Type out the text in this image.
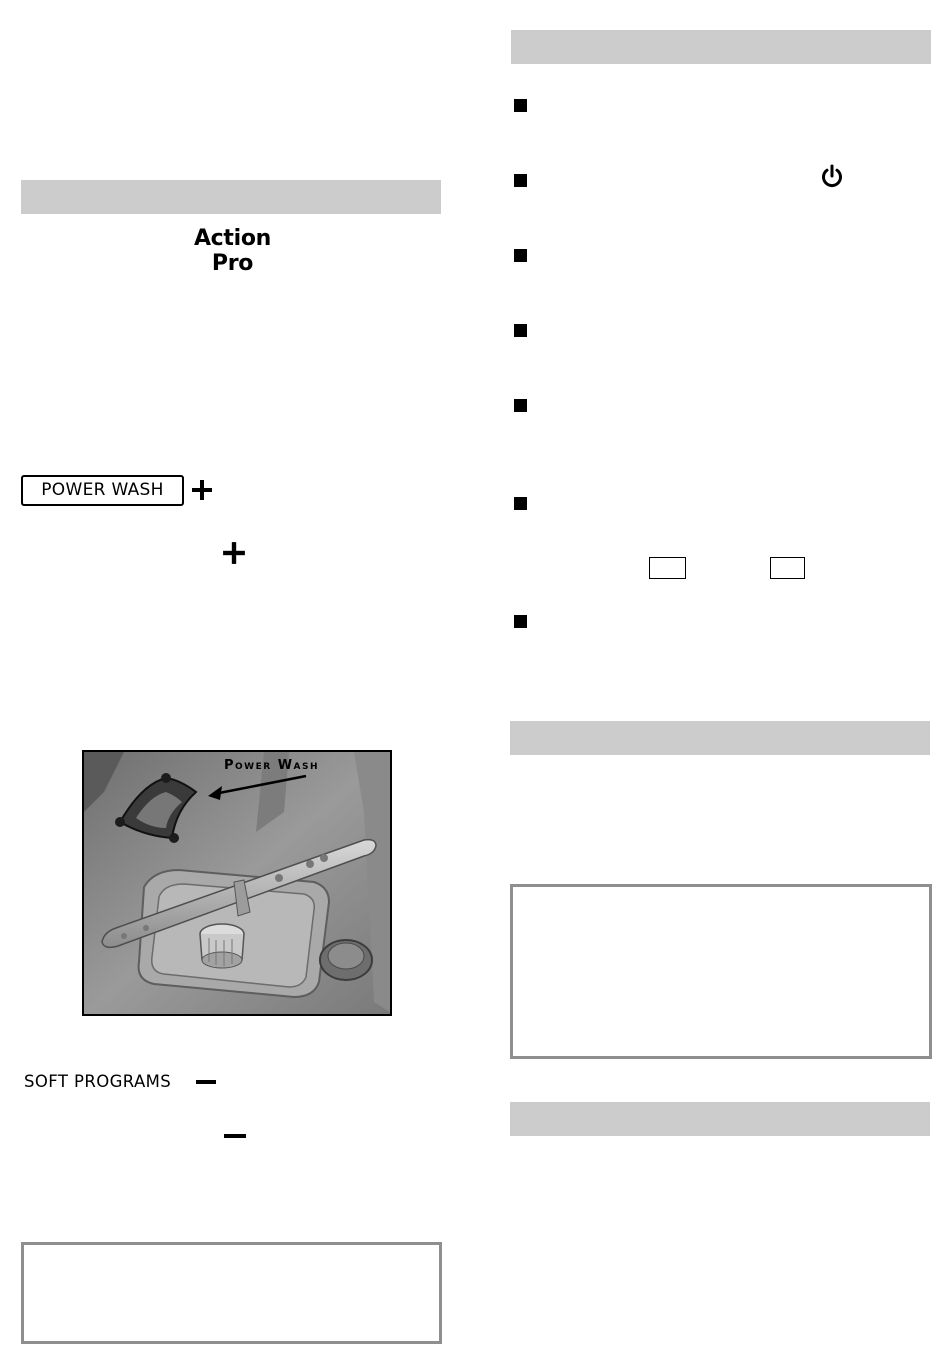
Action
Pro
POWER WASH
Power Wash
SOFT PROGRAMS
